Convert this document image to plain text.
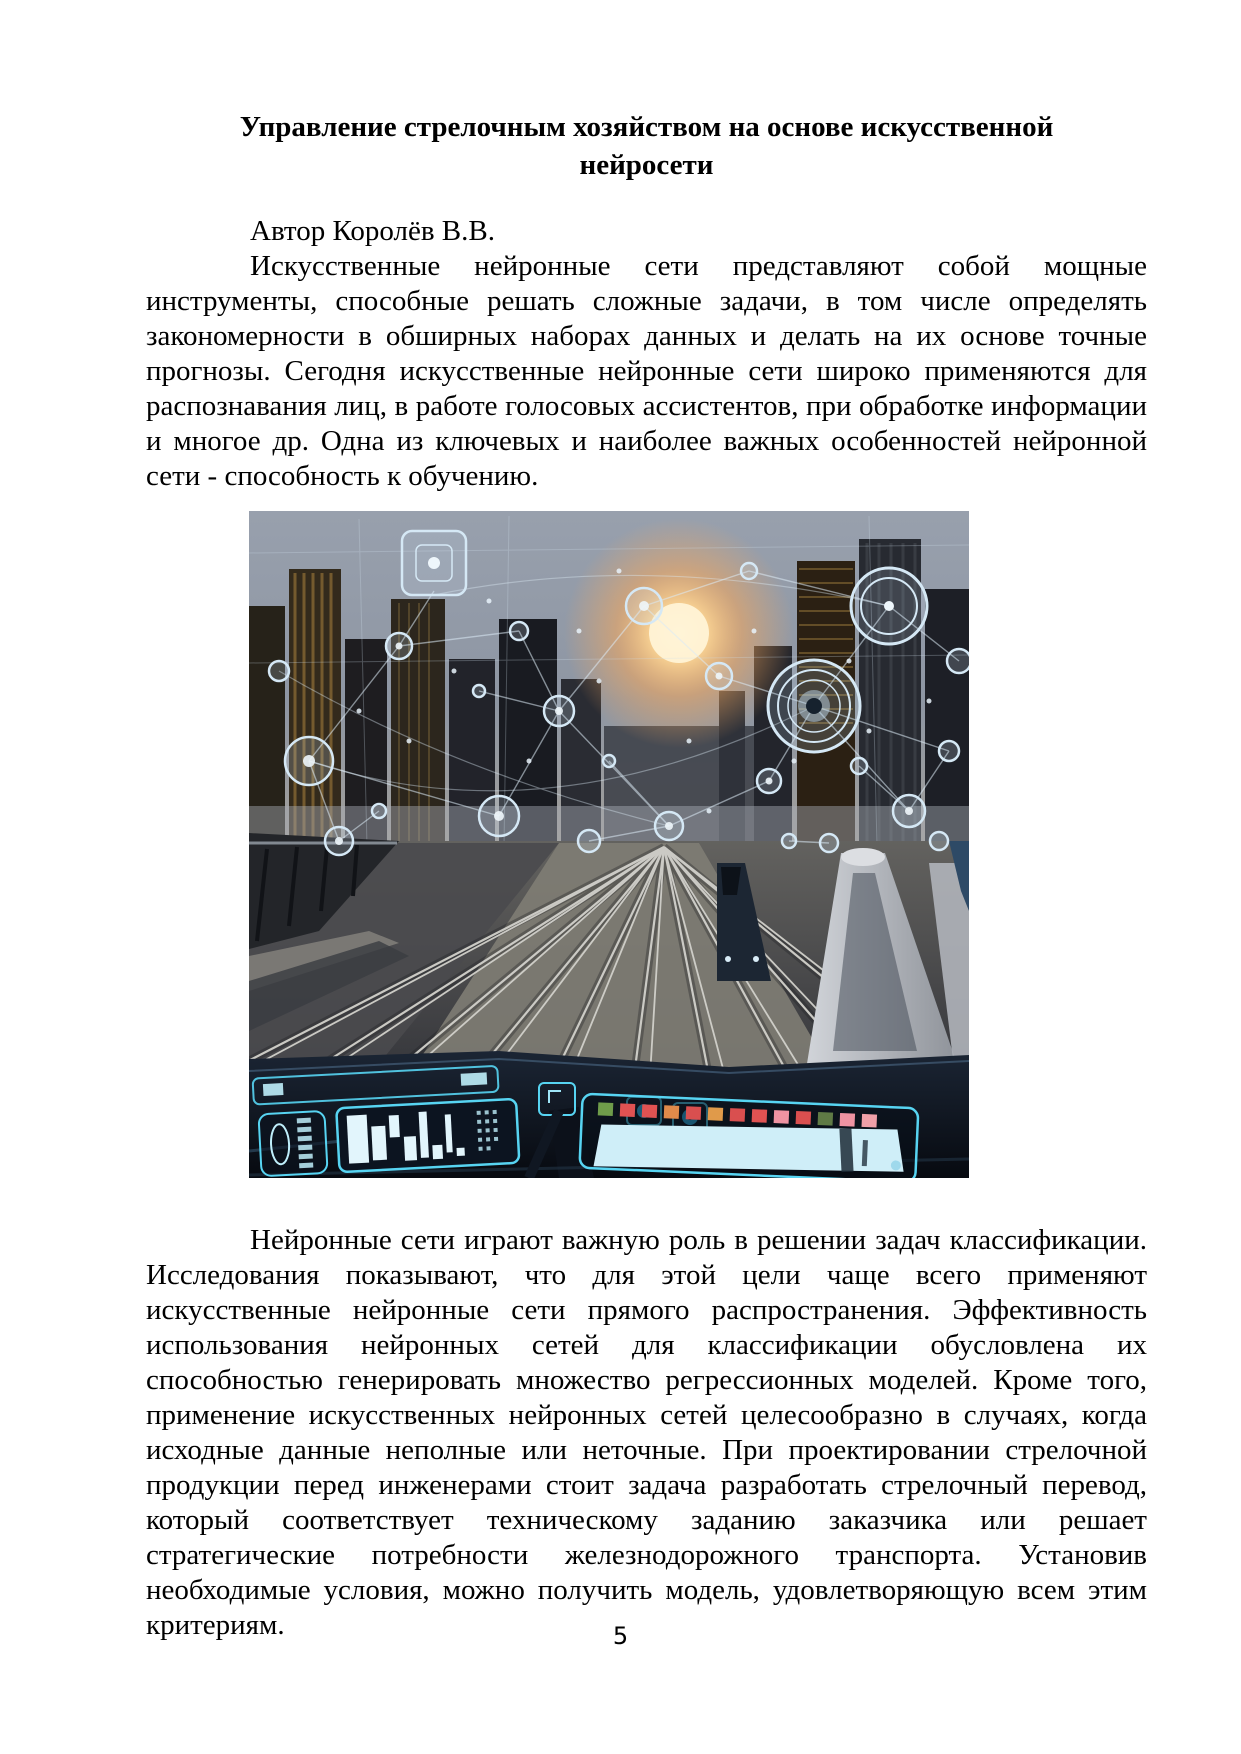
Управление стрелочным хозяйством на основе искусственной нейросети

Автор Королёв В.В.

Искусственные нейронные сети представляют собой мощные инструменты, способные решать сложные задачи, в том числе определять закономерности в обширных наборах данных и делать на их основе точные прогнозы. Сегодня искусственные нейронные сети широко применяются для распознавания лиц, в работе голосовых ассистентов, при обработке информации и многое др. Одна из ключевых и наиболее важных особенностей нейронной сети - способность к обучению.

Нейронные сети играют важную роль в решении задач классификации. Исследования показывают, что для этой цели чаще всего применяют искусственные нейронные сети прямого распространения. Эффективность использования нейронных сетей для классификации обусловлена их способностью генерировать множество регрессионных моделей. Кроме того, применение искусственных нейронных сетей целесообразно в случаях, когда исходные данные неполные или неточные. При проектировании стрелочной продукции перед инженерами стоит задача разработать стрелочный перевод, который соответствует техническому заданию заказчика или решает стратегические потребности железнодорожного транспорта. Установив необходимые условия, можно получить модель, удовлетворяющую всем этим критериям.	5
